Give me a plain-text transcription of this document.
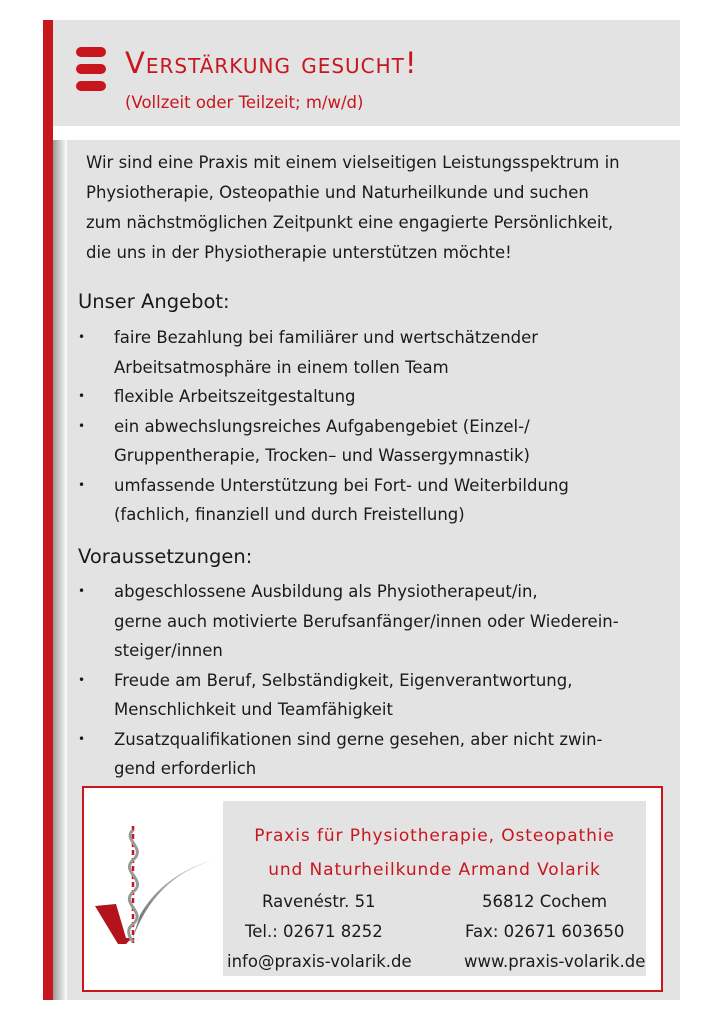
Verstärkung gesucht!
(Vollzeit oder Teilzeit; m/w/d)

Wir sind eine Praxis mit einem vielseitigen Leistungsspektrum in
Physiotherapie, Osteopathie und Naturheilkunde und suchen
zum nächstmöglichen Zeitpunkt eine engagierte Persönlichkeit,
die uns in der Physiotherapie unterstützen möchte!

Unser Angebot:
• faire Bezahlung bei familiärer und wertschätzender
Arbeitsatmosphäre in einem tollen Team
• flexible Arbeitszeitgestaltung
• ein abwechslungsreiches Aufgabengebiet (Einzel-/
Gruppentherapie, Trocken– und Wassergymnastik)
• umfassende Unterstützung bei Fort- und Weiterbildung
(fachlich, finanziell und durch Freistellung)
Voraussetzungen:
• abgeschlossene Ausbildung als Physiotherapeut/in,
gerne auch motivierte Berufsanfänger/innen oder Wiederein-
steiger/innen
• Freude am Beruf, Selbständigkeit, Eigenverantwortung,
Menschlichkeit und Teamfähigkeit
• Zusatzqualifikationen sind gerne gesehen, aber nicht zwin-
gend erforderlich
Praxis für Physiotherapie, Osteopathie
und Naturheilkunde Armand Volarik
Ravenéstr. 51	56812 Cochem
Tel.: 02671 8252	Fax: 02671 603650
info@praxis-volarik.de	www.praxis-volarik.de
